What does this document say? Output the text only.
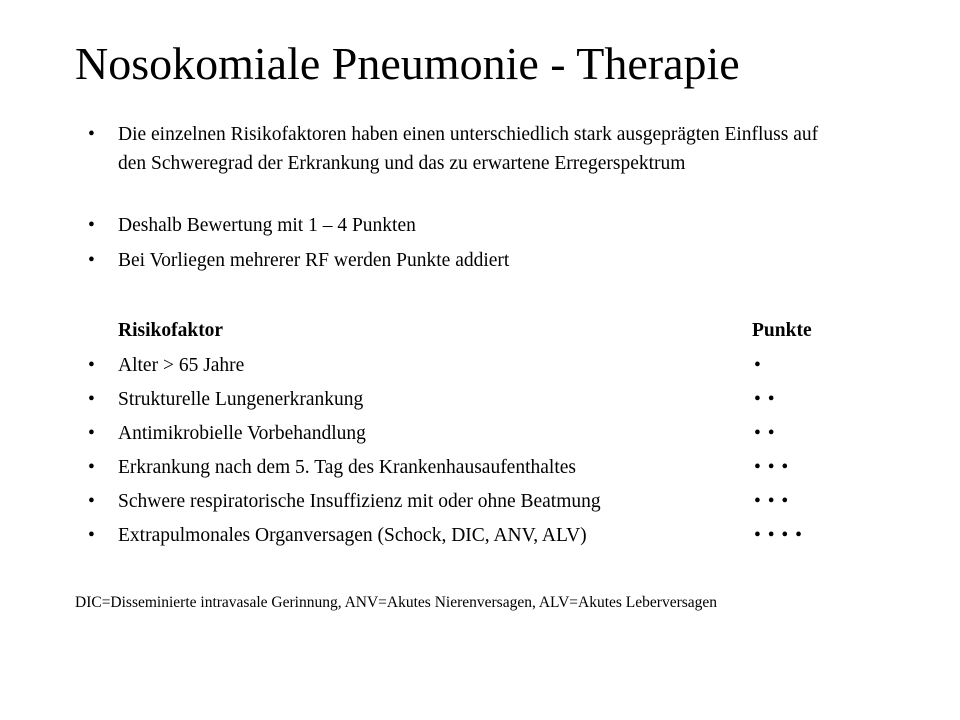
Nosokomiale Pneumonie - Therapie
• Die einzelnen Risikofaktoren haben einen unterschiedlich stark ausgeprägten Einfluss auf den Schweregrad der Erkrankung und das zu erwartene Erregerspektrum
• Deshalb Bewertung mit 1 – 4 Punkten
• Bei Vorliegen mehrerer RF werden Punkte addiert
Risikofaktor	Punkte
• Alter > 65 Jahre	•
• Strukturelle Lungenerkrankung	• •
• Antimikrobielle Vorbehandlung	• •
• Erkrankung nach dem 5. Tag des Krankenhausaufenthaltes	• • •
• Schwere respiratorische Insuffizienz mit oder ohne Beatmung	• • •
• Extrapulmonales Organversagen (Schock, DIC, ANV, ALV)	• • • •
DIC=Disseminierte intravasale Gerinnung, ANV=Akutes Nierenversagen, ALV=Akutes Leberversagen
